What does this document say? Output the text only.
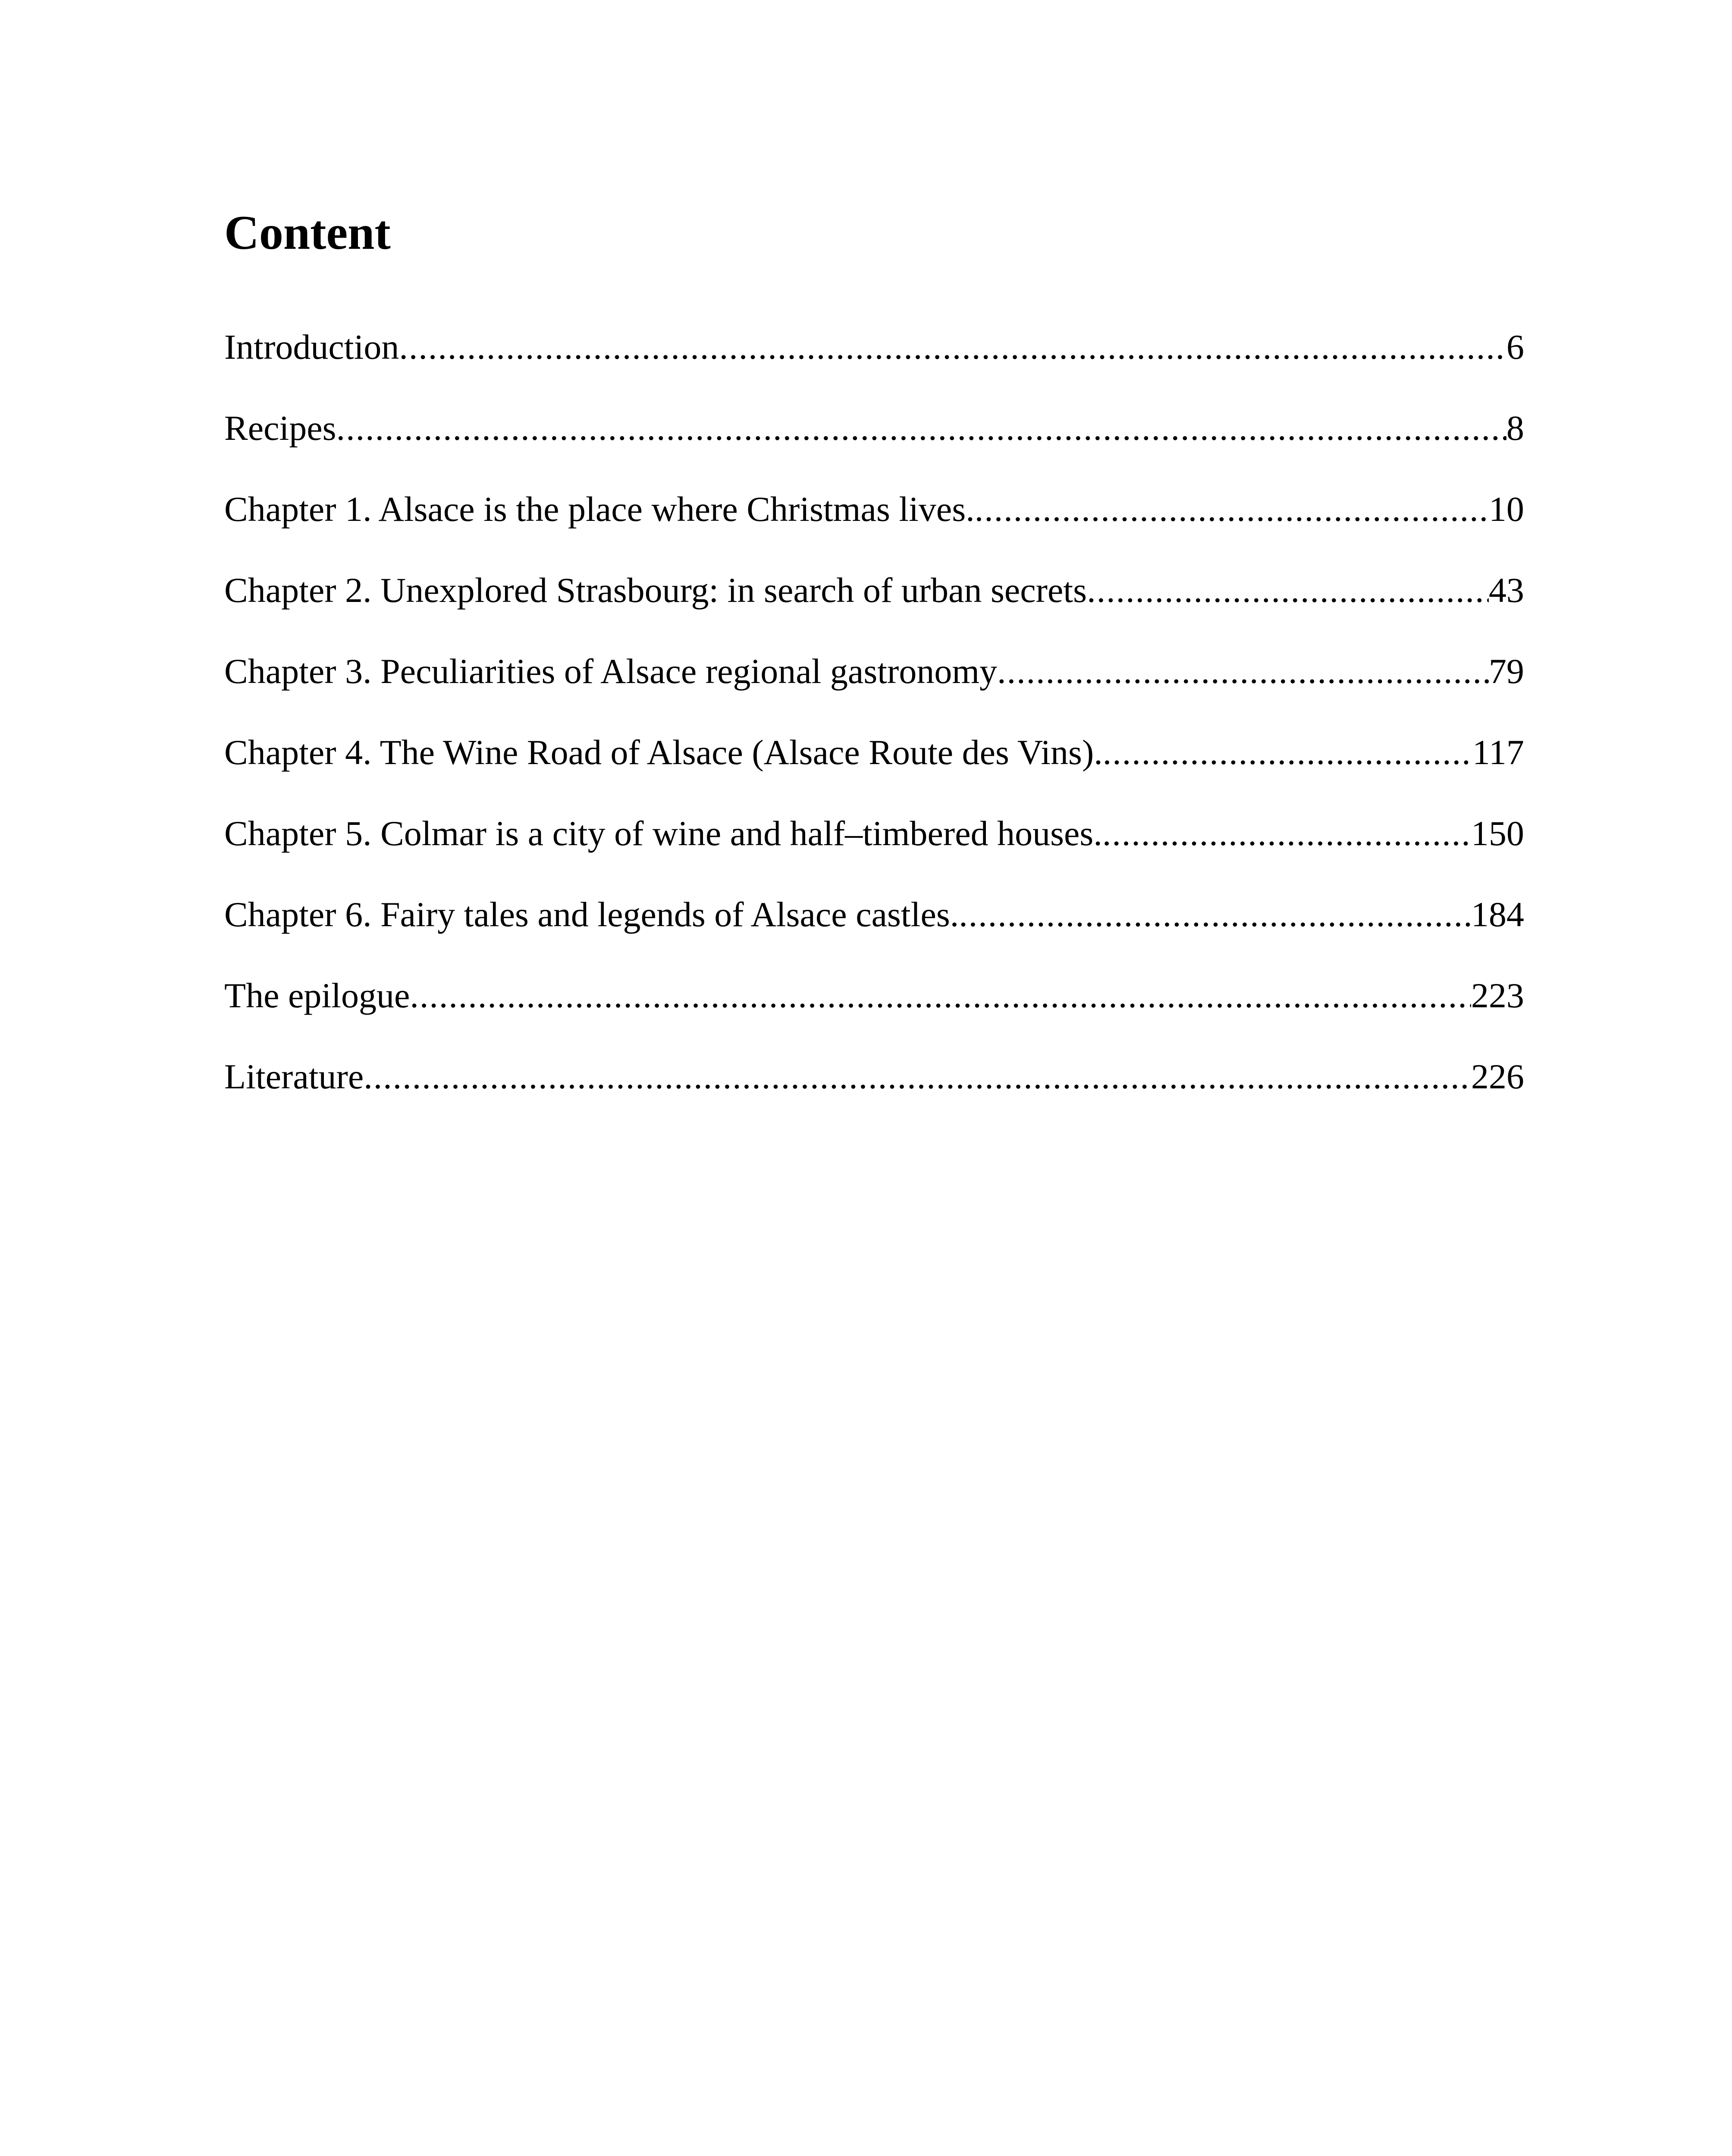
Content
Introduction .....	6
Recipes .....	8
Chapter 1. Alsace is the place where Christmas lives. .....	10
Chapter 2. Unexplored Strasbourg: in search of urban secrets .....	43
Chapter 3. Peculiarities of Alsace regional gastronomy .....	79
Chapter 4. The Wine Road of Alsace (Alsace Route des Vins). .....	117
Chapter 5. Colmar is a city of wine and half–timbered houses. .....	150
Chapter 6. Fairy tales and legends of Alsace castles. .....	184
The epilogue .....	223
Literature .....	226
